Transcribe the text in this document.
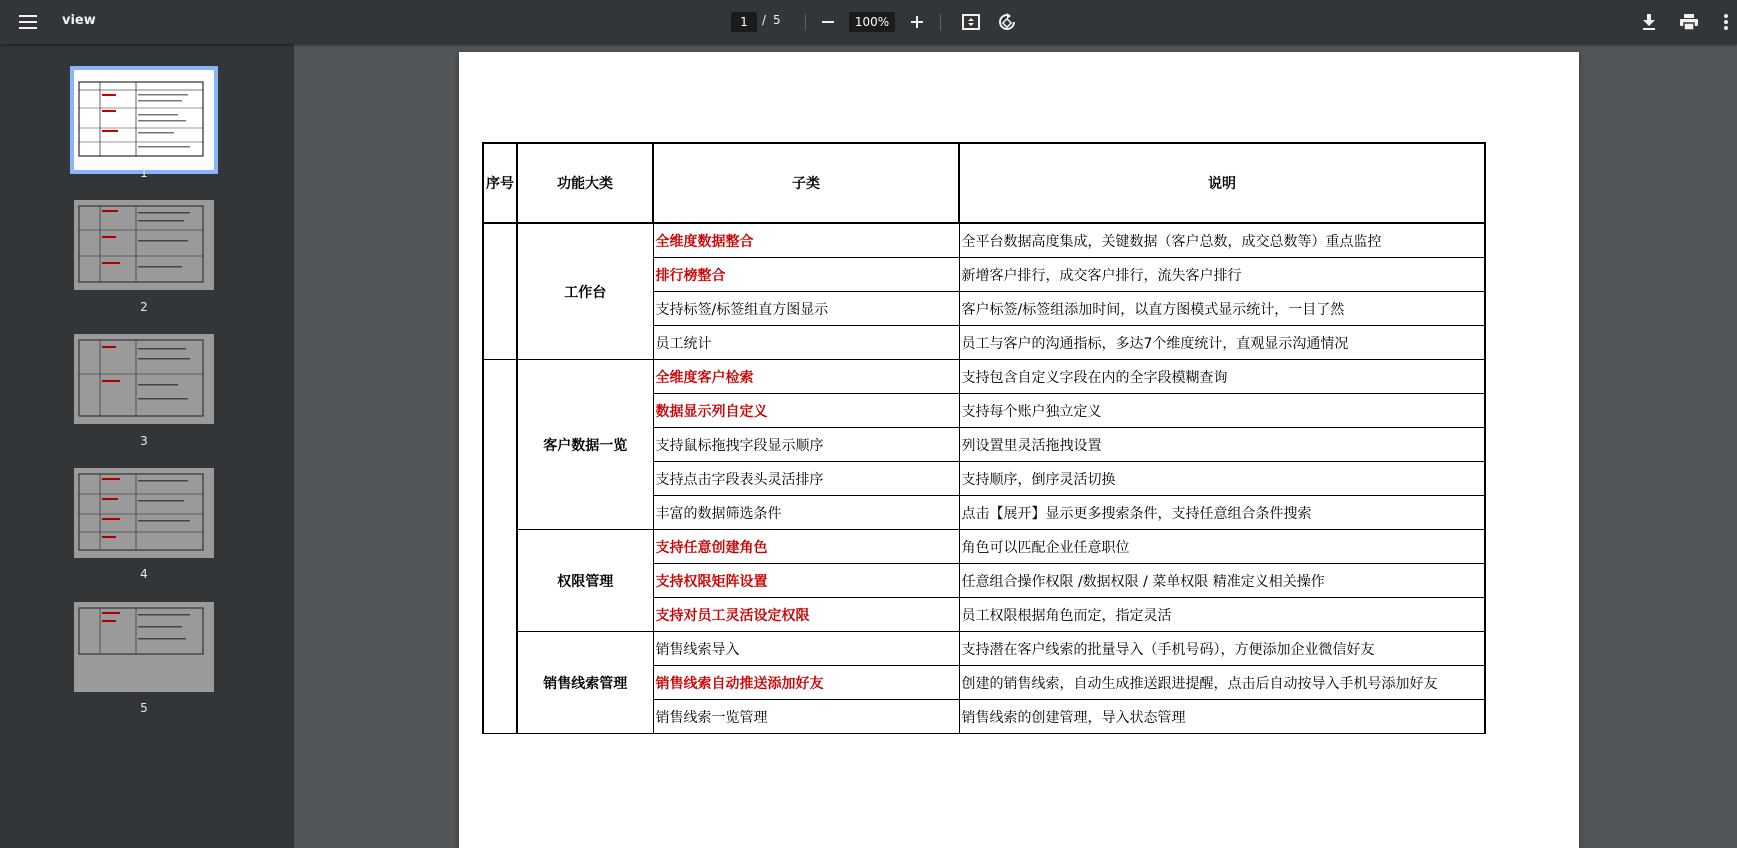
view	1	/ 5	100%
1
2
3
4
5
序号	功能大类	子类	说明
	工作台	全维度数据整合	全平台数据高度集成，关键数据（客户总数，成交总数等）重点监控
		排行榜整合	新增客户排行，成交客户排行，流失客户排行
		支持标签/标签组直方图显示	客户标签/标签组添加时间，以直方图模式显示统计，一目了然
		员工统计	员工与客户的沟通指标，多达7个维度统计，直观显示沟通情况
	客户数据一览	全维度客户检索	支持包含自定义字段在内的全字段模糊查询
		数据显示列自定义	支持每个账户独立定义
		支持鼠标拖拽字段显示顺序	列设置里灵活拖拽设置
		支持点击字段表头灵活排序	支持顺序，倒序灵活切换
		丰富的数据筛选条件	点击【展开】显示更多搜索条件，支持任意组合条件搜索
	权限管理	支持任意创建角色	角色可以匹配企业任意职位
		支持权限矩阵设置	任意组合操作权限 /数据权限 / 菜单权限 精准定义相关操作
		支持对员工灵活设定权限	员工权限根据角色而定，指定灵活
	销售线索管理	销售线索导入	支持潜在客户线索的批量导入（手机号码），方便添加企业微信好友
		销售线索自动推送添加好友	创建的销售线索，自动生成推送跟进提醒，点击后自动按导入手机号添加好友
		销售线索一览管理	销售线索的创建管理，导入状态管理
